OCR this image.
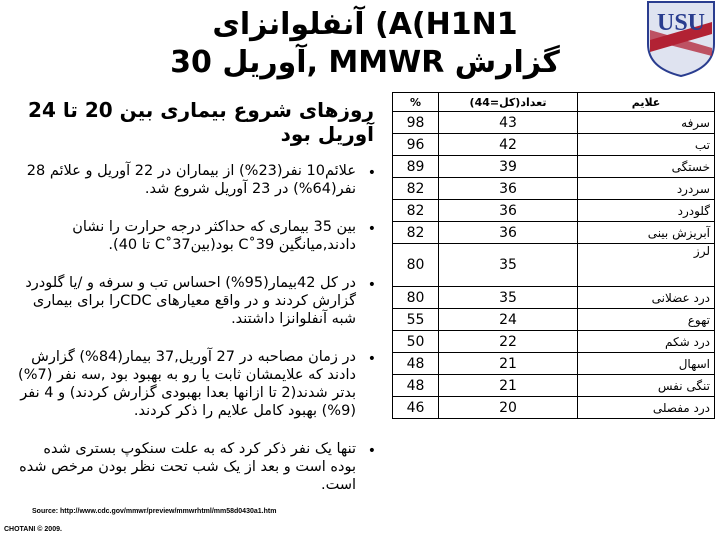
آنفلوانزای (A(H1N1
30 آوریل, MMWR گزارش
USU
روزهای شروع بیماری بین 20 تا 24 آوریل بود
•
علائم10 نفر(23%) از بیماران در 22 آوریل و علائم 28 نفر(64%) در 23 آوریل شروع شد.
•
بین 35 بیماری که حداکثر درجه حرارت را نشان دادند,میانگین 39˚C بود(بین37˚C تا 40).
•
در کل 42بیمار(95%) احساس تب و سرفه و /یا گلودرد گزارش کردند و در واقع معیارهای CDCرا برای بیماری شبه آنفلوانزا داشتند.
•
در زمان مصاحبه در 27 آوریل,37 بیمار(84%) گزارش دادند که علایمشان ثابت یا رو به بهبود بود ,سه نفر (7%) بدتر شدند(2 تا ازانها بعدا بهبودی گزارش کردند) و 4 نفر (9%) بهبود کامل علایم را ذکر کردند.
•
تنها یک نفر ذکر کرد که به علت سنکوپ بستری شده بوده است و بعد از یک شب تحت نظر بودن مرخص شده است.
علایم	تعداد(کل=44)	%
سرفه	43	98
تب	42	96
خستگی	39	89
سردرد	36	82
گلودرد	36	82
آبریزش بینی	36	82
لرز	35	80
درد عضلانی	35	80
تهوع	24	55
درد شکم	22	50
اسهال	21	48
تنگی نفس	21	48
درد مفصلی	20	46
Source: http://www.cdc.gov/mmwr/preview/mmwrhtml/mm58d0430a1.htm
CHOTANI © 2009.
